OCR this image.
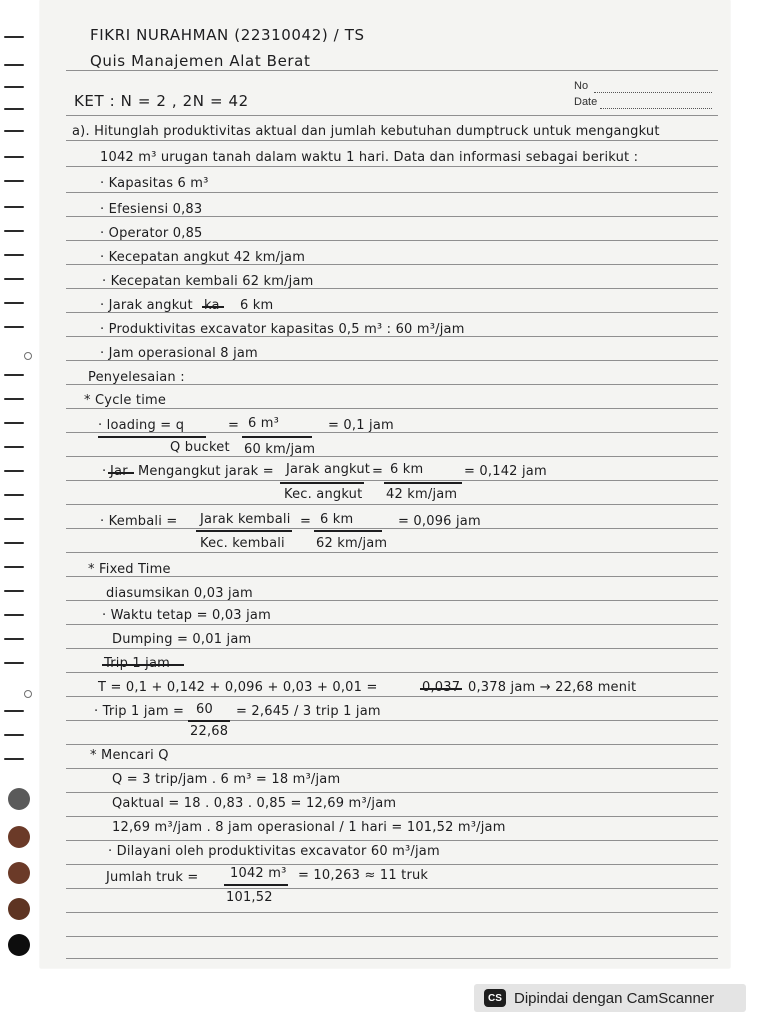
FIKRI NURAHMAN (22310042) / TS
Quis Manajemen Alat Berat
KET : N = 2 , 2N = 42
No
Date
a). Hitunglah produktivitas aktual dan jumlah kebutuhan dumptruck untuk mengangkut
1042 m³ urugan tanah dalam waktu 1 hari. Data dan informasi sebagai berikut :
· Kapasitas 6 m³
· Efesiensi 0,83
· Operator 0,85
· Kecepatan angkut 42 km/jam
· Kecepatan kembali 62 km/jam
· Jarak angkut	6 km
· Produktivitas excavator kapasitas 0,5 m³ : 60 m³/jam
· Jam operasional 8 jam
Penyelesaian :
* Cycle time
· loading = q
Q bucket
= 6 m³
60 km/jam
= 0,1 jam
· Mengangkut jarak = Jarak angkut
Kec. angkut
= 6 km
42 km/jam
= 0,142 jam
· Kembali = Jarak kembali
Kec. kembali
= 6 km
62 km/jam
= 0,096 jam
* Fixed Time
diasumsikan 0,03 jam
· Waktu tetap = 0,03 jam
Dumping = 0,01 jam
T = 0,1 + 0,142 + 0,096 + 0,03 + 0,01 =	0,378 jam → 22,68 menit
· Trip 1 jam = 60
22,68
= 2,645 / 3 trip 1 jam
* Mencari Q
Q = 3 trip/jam . 6 m³ = 18 m³/jam
Qaktual = 18 . 0,83 . 0,85 = 12,69 m³/jam
12,69 m³/jam . 8 jam operasional / 1 hari = 101,52 m³/jam
· Dilayani oleh produktivitas excavator 60 m³/jam
Jumlah truk = 1042 m³
101,52
= 10,263 ≈ 11 truk
CS Dipindai dengan CamScanner
